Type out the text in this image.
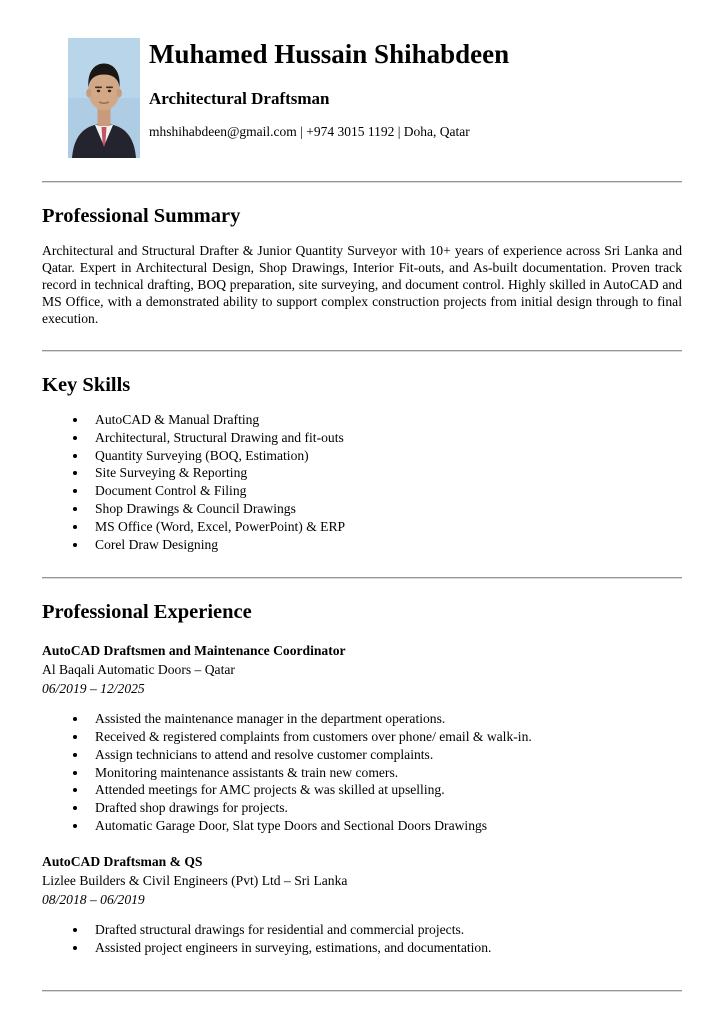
Muhamed Hussain Shihabdeen
Architectural Draftsman

mhshihabdeen@gmail.com | +974 3015 1192 | Doha, Qatar

Professional Summary

Architectural and Structural Drafter & Junior Quantity Surveyor with 10+ years of experience across Sri Lanka and Qatar. Expert in Architectural Design, Shop Drawings, Interior Fit-outs, and As-built documentation. Proven track record in technical drafting, BOQ preparation, site surveying, and document control. Highly skilled in AutoCAD and MS Office, with a demonstrated ability to support complex construction projects from initial design through to final execution.

Key Skills
• AutoCAD & Manual Drafting
• Architectural, Structural Drawing and fit-outs
• Quantity Surveying (BOQ, Estimation)
• Site Surveying & Reporting
• Document Control & Filing
• Shop Drawings & Council Drawings
• MS Office (Word, Excel, PowerPoint) & ERP
• Corel Draw Designing
Professional Experience

AutoCAD Draftsmen and Maintenance Coordinator

Al Baqali Automatic Doors – Qatar

06/2019 – 12/2025

• Assisted the maintenance manager in the department operations.
• Received & registered complaints from customers over phone/ email & walk-in.
• Assign technicians to attend and resolve customer complaints.
• Monitoring maintenance assistants & train new comers.
• Attended meetings for AMC projects & was skilled at upselling.
• Drafted shop drawings for projects.
• Automatic Garage Door, Slat type Doors and Sectional Doors Drawings

AutoCAD Draftsman & QS

Lizlee Builders & Civil Engineers (Pvt) Ltd – Sri Lanka

08/2018 – 06/2019

• Drafted structural drawings for residential and commercial projects.
• Assisted project engineers in surveying, estimations, and documentation.
